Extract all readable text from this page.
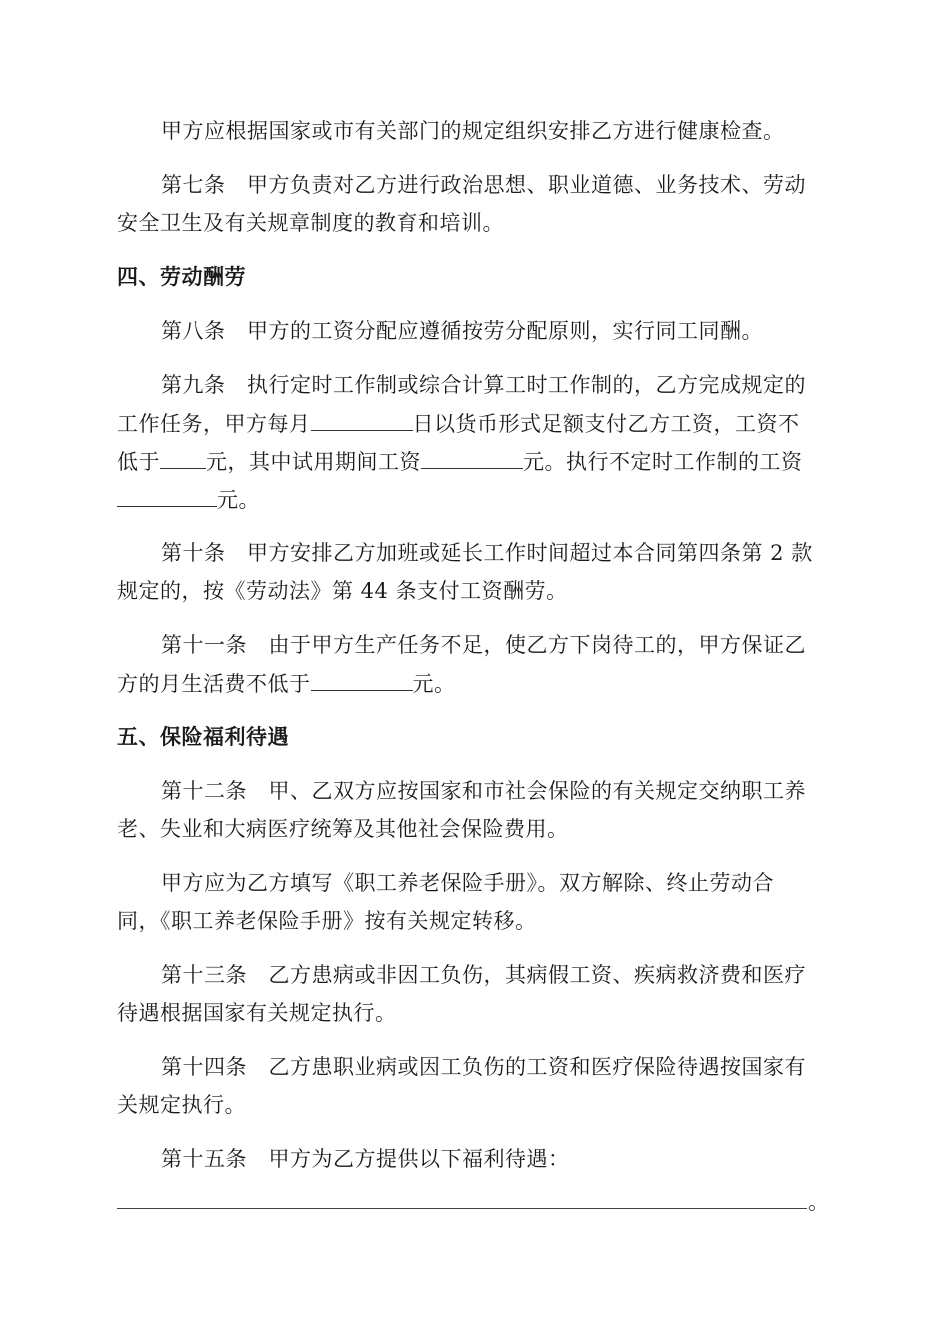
甲方应根据国家或市有关部门的规定组织安排乙方进行健康检查。
第七条　甲方负责对乙方进行政治思想、职业道德、业务技术、劳动
安全卫生及有关规章制度的教育和培训。
四、劳动酬劳
第八条　甲方的工资分配应遵循按劳分配原则，实行同工同酬。
第九条　执行定时工作制或综合计算工时工作制的，乙方完成规定的
工作任务，甲方每月	日以货币形式足额支付乙方工资，工资不
低于 元，其中试用期间工资	元。执行不定时工作制的工资
元。
第十条　甲方安排乙方加班或延长工作时间超过本合同第四条第 2 款
规定的，按《劳动法》第 44 条支付工资酬劳。
第十一条　由于甲方生产任务不足，使乙方下岗待工的，甲方保证乙
方的月生活费不低于	元。
五、保险福利待遇
第十二条　甲、乙双方应按国家和市社会保险的有关规定交纳职工养
老、失业和大病医疗统筹及其他社会保险费用。
甲方应为乙方填写《职工养老保险手册》。双方解除、终止劳动合
同，《职工养老保险手册》按有关规定转移。
第十三条　乙方患病或非因工负伤，其病假工资、疾病救济费和医疗
待遇根据国家有关规定执行。
第十四条　乙方患职业病或因工负伤的工资和医疗保险待遇按国家有
关规定执行。
第十五条　甲方为乙方提供以下福利待遇：
。
